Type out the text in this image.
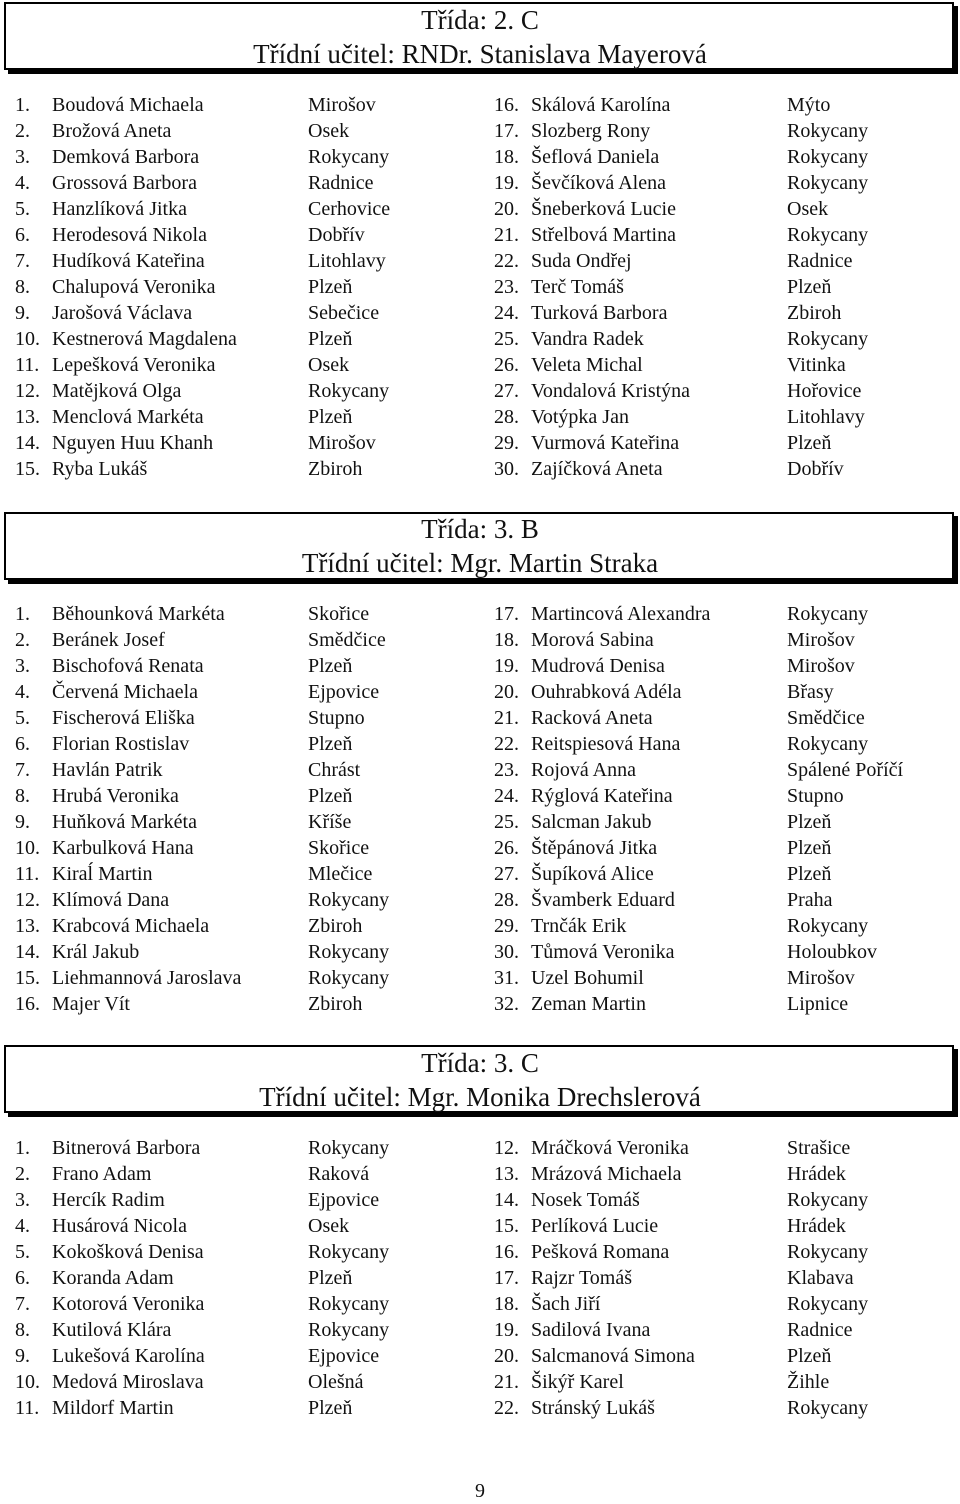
Třída: 2. C
Třídní učitel: RNDr. Stanislava Mayerová
1. Boudová Michaela	Mirošov
2. Brožová Aneta	Osek
3. Demková Barbora	Rokycany
4. Grossová Barbora	Radnice
5. Hanzlíková Jitka	Cerhovice
6. Herodesová Nikola	Dobřív
7. Hudíková Kateřina	Litohlavy
8. Chalupová Veronika	Plzeň
9. Jarošová Václava	Sebečice
10. Kestnerová Magdalena	Plzeň
11. Lepešková Veronika	Osek
12. Matějková Olga	Rokycany
13. Menclová Markéta	Plzeň
14. Nguyen Huu Khanh	Mirošov
15. Ryba Lukáš	Zbiroh
16. Skálová Karolína	Mýto
17. Slozberg Rony	Rokycany
18. Šeflová Daniela	Rokycany
19. Ševčíková Alena	Rokycany
20. Šneberková Lucie	Osek
21. Střelbová Martina	Rokycany
22. Suda Ondřej	Radnice
23. Terč Tomáš	Plzeň
24. Turková Barbora	Zbiroh
25. Vandra Radek	Rokycany
26. Veleta Michal	Vitinka
27. Vondalová Kristýna	Hořovice
28. Votýpka Jan	Litohlavy
29. Vurmová Kateřina	Plzeň
30. Zajíčková Aneta	Dobřív
Třída: 3. B
Třídní učitel: Mgr. Martin Straka
1. Běhounková Markéta	Skořice
2. Beránek Josef	Smědčice
3. Bischofová Renata	Plzeň
4. Červená Michaela	Ejpovice
5. Fischerová Eliška	Stupno
6. Florian Rostislav	Plzeň
7. Havlán Patrik	Chrást
8. Hrubá Veronika	Plzeň
9. Huňková Markéta	Kříše
10. Karbulková Hana	Skořice
11. Kiraĺ Martin	Mlečice
12. Klímová Dana	Rokycany
13. Krabcová Michaela	Zbiroh
14. Král Jakub	Rokycany
15. Liehmannová Jaroslava	Rokycany
16. Majer Vít	Zbiroh
17. Martincová Alexandra	Rokycany
18. Morová Sabina	Mirošov
19. Mudrová Denisa	Mirošov
20. Ouhrabková Adéla	Břasy
21. Racková Aneta	Smědčice
22. Reitspiesová Hana	Rokycany
23. Rojová Anna	Spálené Poříčí
24. Rýglová Kateřina	Stupno
25. Salcman Jakub	Plzeň
26. Štěpánová Jitka	Plzeň
27. Šupíková Alice	Plzeň
28. Švamberk Eduard	Praha
29. Trnčák Erik	Rokycany
30. Tůmová Veronika	Holoubkov
31. Uzel Bohumil	Mirošov
32. Zeman Martin	Lipnice
Třída: 3. C
Třídní učitel: Mgr. Monika Drechslerová
1. Bitnerová Barbora	Rokycany
2. Frano Adam	Raková
3. Hercík Radim	Ejpovice
4. Husárová Nicola	Osek
5. Kokošková Denisa	Rokycany
6. Koranda Adam	Plzeň
7. Kotorová Veronika	Rokycany
8. Kutilová Klára	Rokycany
9. Lukešová Karolína	Ejpovice
10. Medová Miroslava	Olešná
11. Mildorf Martin	Plzeň
12. Mráčková Veronika	Strašice
13. Mrázová Michaela	Hrádek
14. Nosek Tomáš	Rokycany
15. Perlíková Lucie	Hrádek
16. Pešková Romana	Rokycany
17. Rajzr Tomáš	Klabava
18. Šach Jiří	Rokycany
19. Sadilová Ivana	Radnice
20. Salcmanová Simona	Plzeň
21. Šikýř Karel	Žihle
22. Stránský Lukáš	Rokycany
9
